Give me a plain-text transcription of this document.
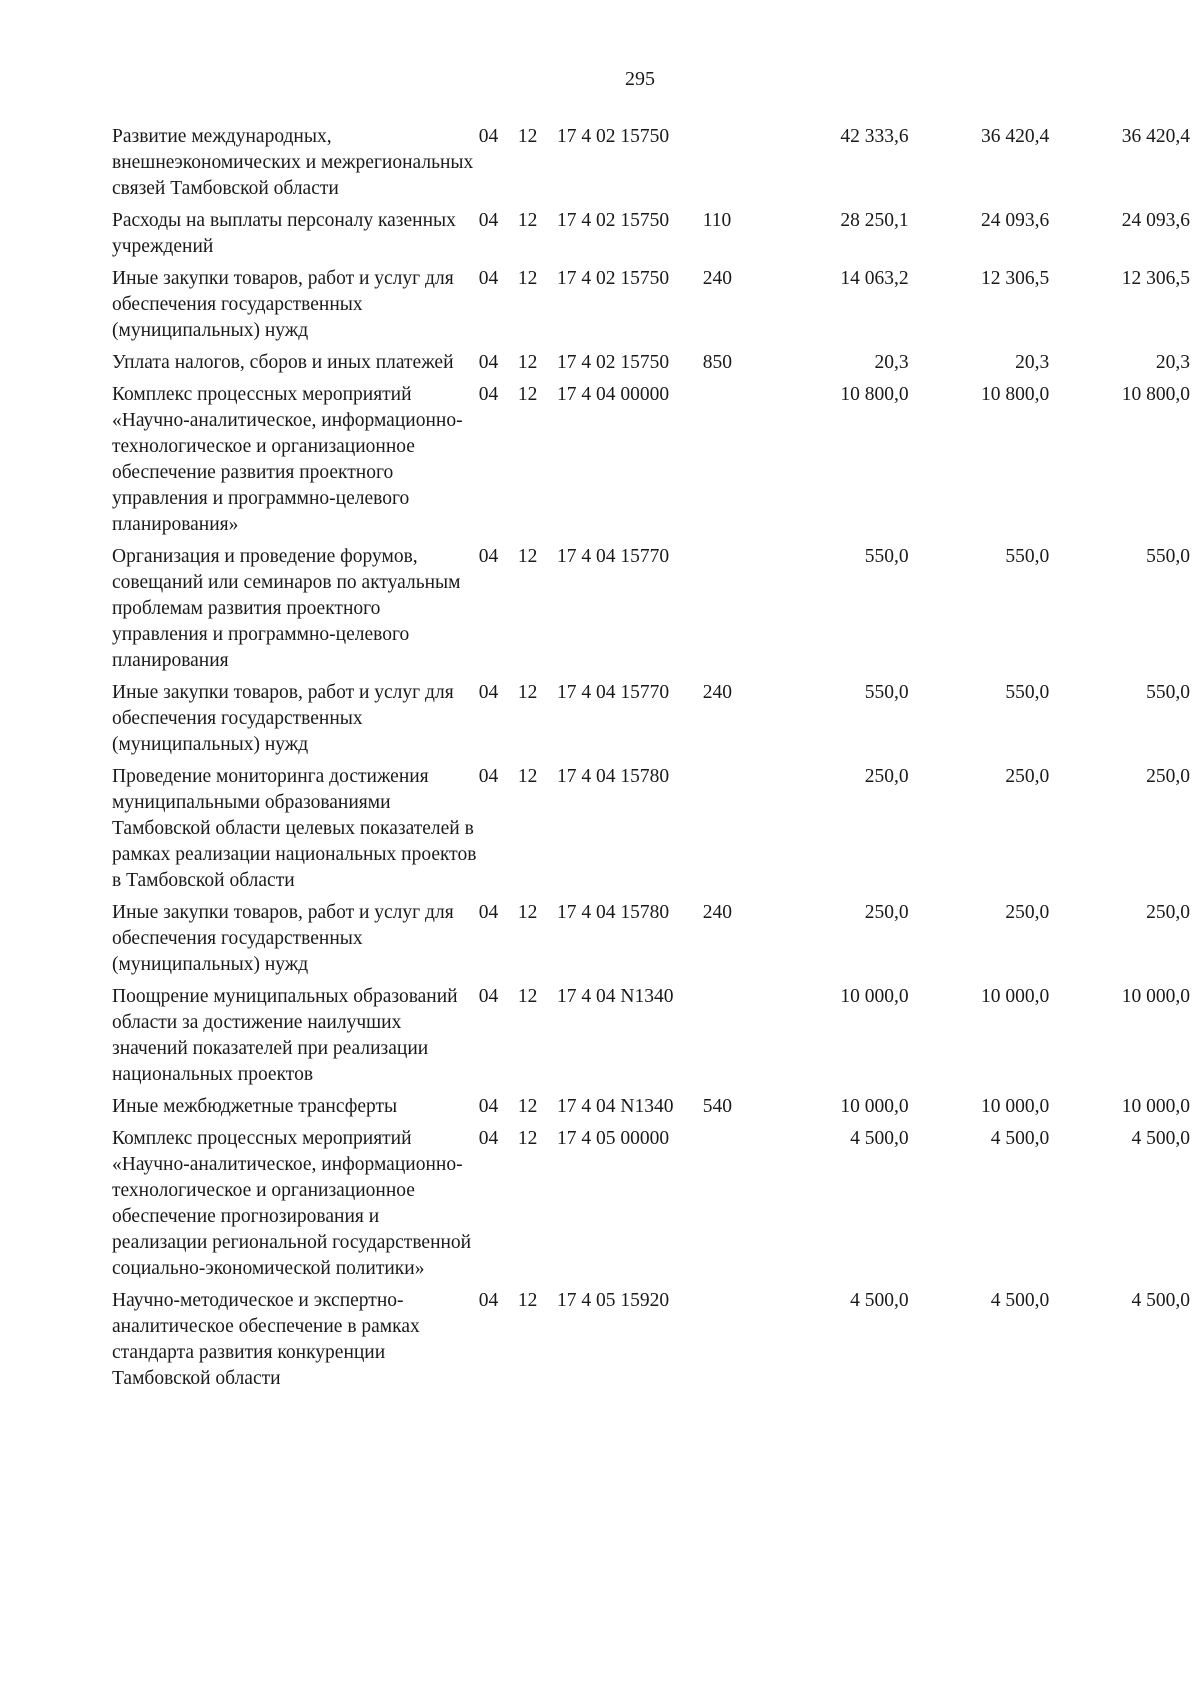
295
Развитие международных, внешнеэкономических и межрегиональных связей Тамбовской области	04	12	17 4 02 15750		42 333,6	36 420,4	36 420,4
Расходы на выплаты персоналу казенных учреждений	04	12	17 4 02 15750	110	28 250,1	24 093,6	24 093,6
Иные закупки товаров, работ и услуг для обеспечения государственных (муниципальных) нужд	04	12	17 4 02 15750	240	14 063,2	12 306,5	12 306,5
Уплата налогов, сборов и иных платежей	04	12	17 4 02 15750	850	20,3	20,3	20,3
Комплекс процессных мероприятий «Научно-аналитическое, информационно-технологическое и организационное обеспечение развития проектного управления и программно-целевого планирования»	04	12	17 4 04 00000		10 800,0	10 800,0	10 800,0
Организация и проведение форумов, совещаний или семинаров по актуальным проблемам развития проектного управления и программно-целевого планирования	04	12	17 4 04 15770		550,0	550,0	550,0
Иные закупки товаров, работ и услуг для обеспечения государственных (муниципальных) нужд	04	12	17 4 04 15770	240	550,0	550,0	550,0
Проведение мониторинга достижения муниципальными образованиями Тамбовской области целевых показателей в рамках реализации национальных проектов в Тамбовской области	04	12	17 4 04 15780		250,0	250,0	250,0
Иные закупки товаров, работ и услуг для обеспечения государственных (муниципальных) нужд	04	12	17 4 04 15780	240	250,0	250,0	250,0
Поощрение муниципальных образований области за достижение наилучших значений показателей при реализации национальных проектов	04	12	17 4 04 N1340		10 000,0	10 000,0	10 000,0
Иные межбюджетные трансферты	04	12	17 4 04 N1340	540	10 000,0	10 000,0	10 000,0
Комплекс процессных мероприятий «Научно-аналитическое, информационно-технологическое и организационное обеспечение прогнозирования и реализации региональной государственной социально-экономической политики»	04	12	17 4 05 00000		4 500,0	4 500,0	4 500,0
Научно-методическое и экспертно-аналитическое обеспечение в рамках стандарта развития конкуренции Тамбовской области	04	12	17 4 05 15920		4 500,0	4 500,0	4 500,0
